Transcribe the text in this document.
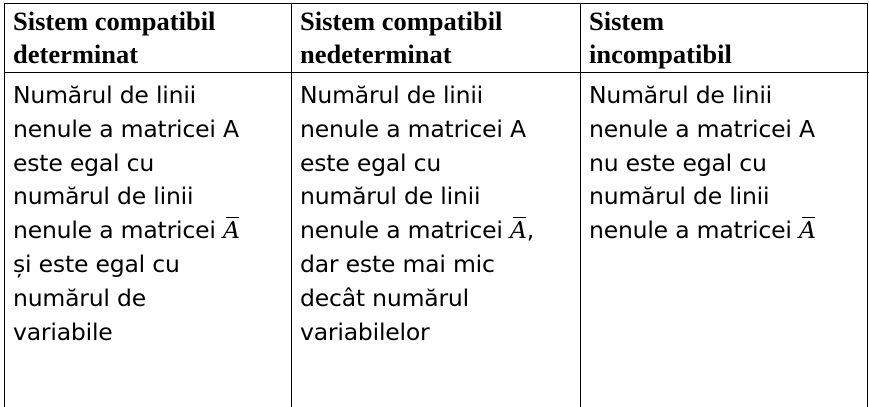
Sistem compatibil
determinat
Sistem compatibil
nedeterminat
Sistem
incompatibil
Numărul de linii
nenule a matricei A
este egal cu
numărul de linii
nenule a matricei A
și este egal cu
numărul de
variabile
Numărul de linii
nenule a matricei A
este egal cu
numărul de linii
nenule a matricei A,
dar este mai mic
decât numărul
variabilelor
Numărul de linii
nenule a matricei A
nu este egal cu
numărul de linii
nenule a matricei A
